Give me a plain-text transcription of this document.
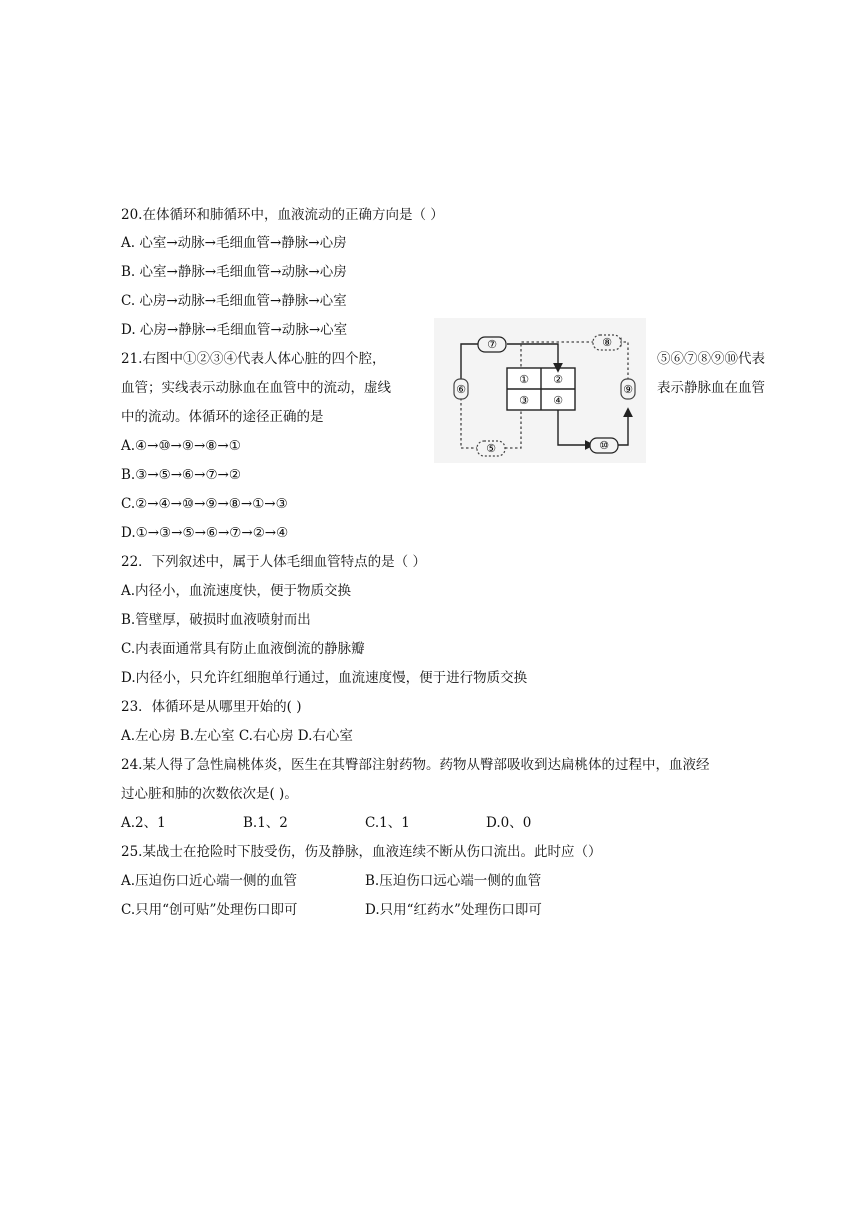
20.在体循环和肺循环中，血液流动的正确方向是（ ）
A. 心室→动脉→毛细血管→静脉→心房
B. 心室→静脉→毛细血管→动脉→心房
C. 心房→动脉→毛细血管→静脉→心室
D. 心房→静脉→毛细血管→动脉→心室
21.右图中①②③④代表人体心脏的四个腔，	⑤⑥⑦⑧⑨⑩代表
血管；实线表示动脉血在血管中的流动，虚线	表示静脉血在血管
中的流动。体循环的途径正确的是
A.④→⑩→⑨→⑧→①
B.③→⑤→⑥→⑦→②
C.②→④→⑩→⑨→⑧→①→③
D.①→③→⑤→⑥→⑦→②→④
① ②
③ ④
⑦	⑧
⑥	⑨
⑤	⑩
22．下列叙述中，属于人体毛细血管特点的是（ ）
A.内径小，血流速度快，便于物质交换
B.管壁厚，破损时血液喷射而出
C.内表面通常具有防止血液倒流的静脉瓣
D.内径小，只允许红细胞单行通过，血流速度慢，便于进行物质交换
23．体循环是从哪里开始的( )
A.左心房 B.左心室 C.右心房 D.右心室
24.某人得了急性扁桃体炎，医生在其臀部注射药物。药物从臀部吸收到达扁桃体的过程中，血液经
过心脏和肺的次数依次是( )。
A.2、1	B.1、2	C.1、1	D.0、0
25.某战士在抢险时下肢受伤，伤及静脉，血液连续不断从伤口流出。此时应（）
A.压迫伤口近心端一侧的血管	B.压迫伤口远心端一侧的血管
C.只用“创可贴”处理伤口即可	D.只用“红药水”处理伤口即可
